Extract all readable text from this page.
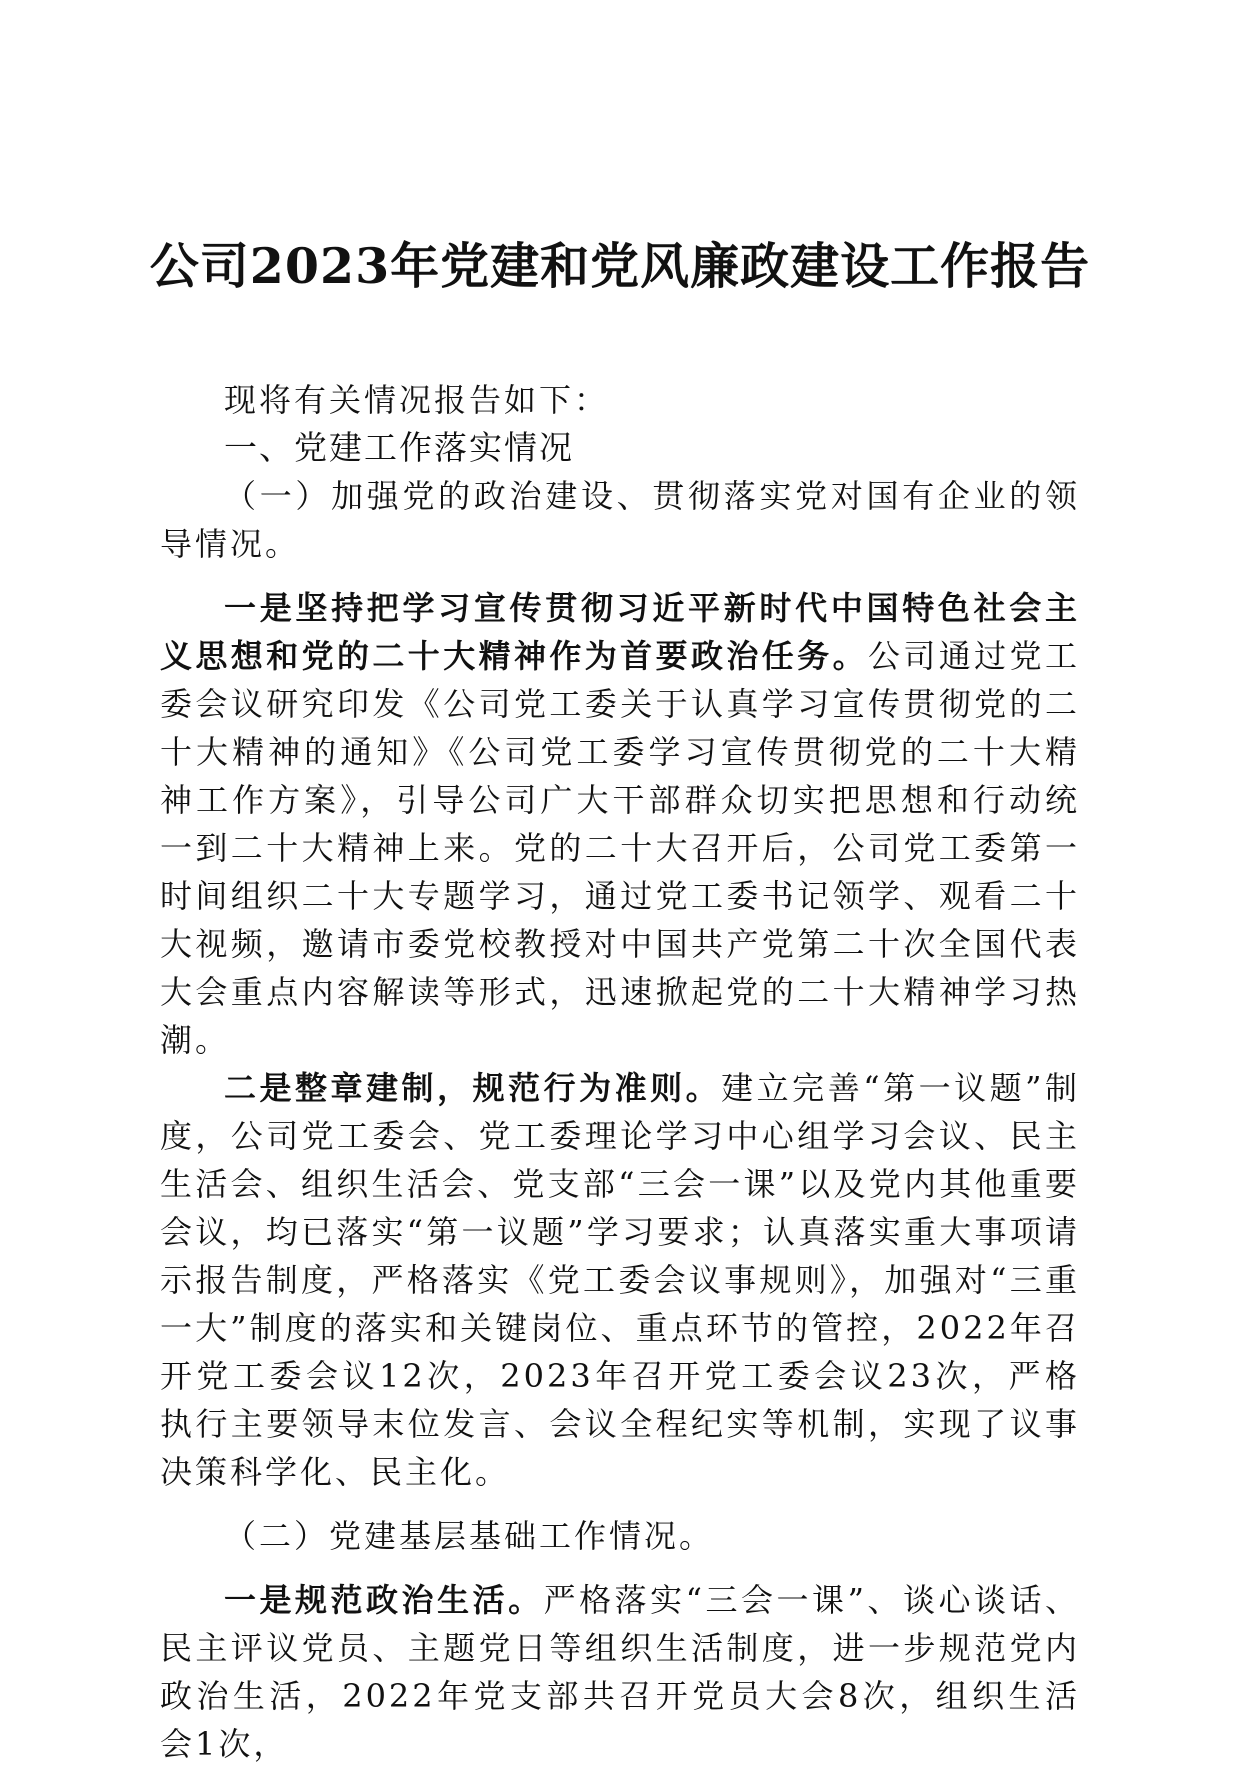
公司2023年党建和党风廉政建设工作报告

现将有关情况报告如下：

一、党建工作落实情况

（一）加强党的政治建设、贯彻落实党对国有企业的领导情况。

一是坚持把学习宣传贯彻习近平新时代中国特色社会主义思想和党的二十大精神作为首要政治任务。公司通过党工委会议研究印发《公司党工委关于认真学习宣传贯彻党的二十大精神的通知》《公司党工委学习宣传贯彻党的二十大精神工作方案》，引导公司广大干部群众切实把思想和行动统一到二十大精神上来。党的二十大召开后，公司党工委第一时间组织二十大专题学习，通过党工委书记领学、观看二十大视频，邀请市委党校教授对中国共产党第二十次全国代表大会重点内容解读等形式，迅速掀起党的二十大精神学习热潮。

二是整章建制，规范行为准则。建立完善“第一议题”制度，公司党工委会、党工委理论学习中心组学习会议、民主生活会、组织生活会、党支部“三会一课”以及党内其他重要会议，均已落实“第一议题”学习要求；认真落实重大事项请示报告制度，严格落实《党工委会议事规则》，加强对“三重一大”制度的落实和关键岗位、重点环节的管控，2022年召开党工委会议12次，2023年召开党工委会议23次，严格执行主要领导末位发言、会议全程纪实等机制，实现了议事决策科学化、民主化。

（二）党建基层基础工作情况。

一是规范政治生活。严格落实“三会一课”、谈心谈话、民主评议党员、主题党日等组织生活制度，进一步规范党内政治生活，2022年党支部共召开党员大会8次，组织生活会1次，
